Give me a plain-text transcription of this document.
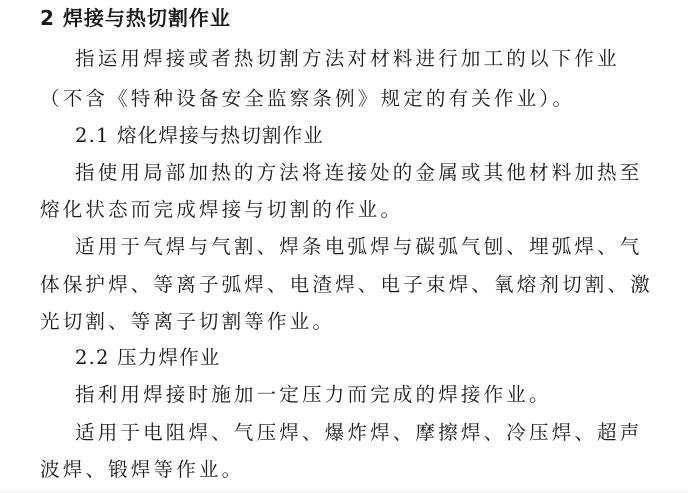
2 焊接与热切割作业
指运用焊接或者热切割方法对材料进行加工的以下作业
（不含《特种设备安全监察条例》规定的有关作业）。
2.1 熔化焊接与热切割作业
指使用局部加热的方法将连接处的金属或其他材料加热至
熔化状态而完成焊接与切割的作业。
适用于气焊与气割、焊条电弧焊与碳弧气刨、埋弧焊、气
体保护焊、等离子弧焊、电渣焊、电子束焊、氧熔剂切割、激
光切割、等离子切割等作业。
2.2 压力焊作业
指利用焊接时施加一定压力而完成的焊接作业。
适用于电阻焊、气压焊、爆炸焊、摩擦焊、冷压焊、超声
波焊、锻焊等作业。
